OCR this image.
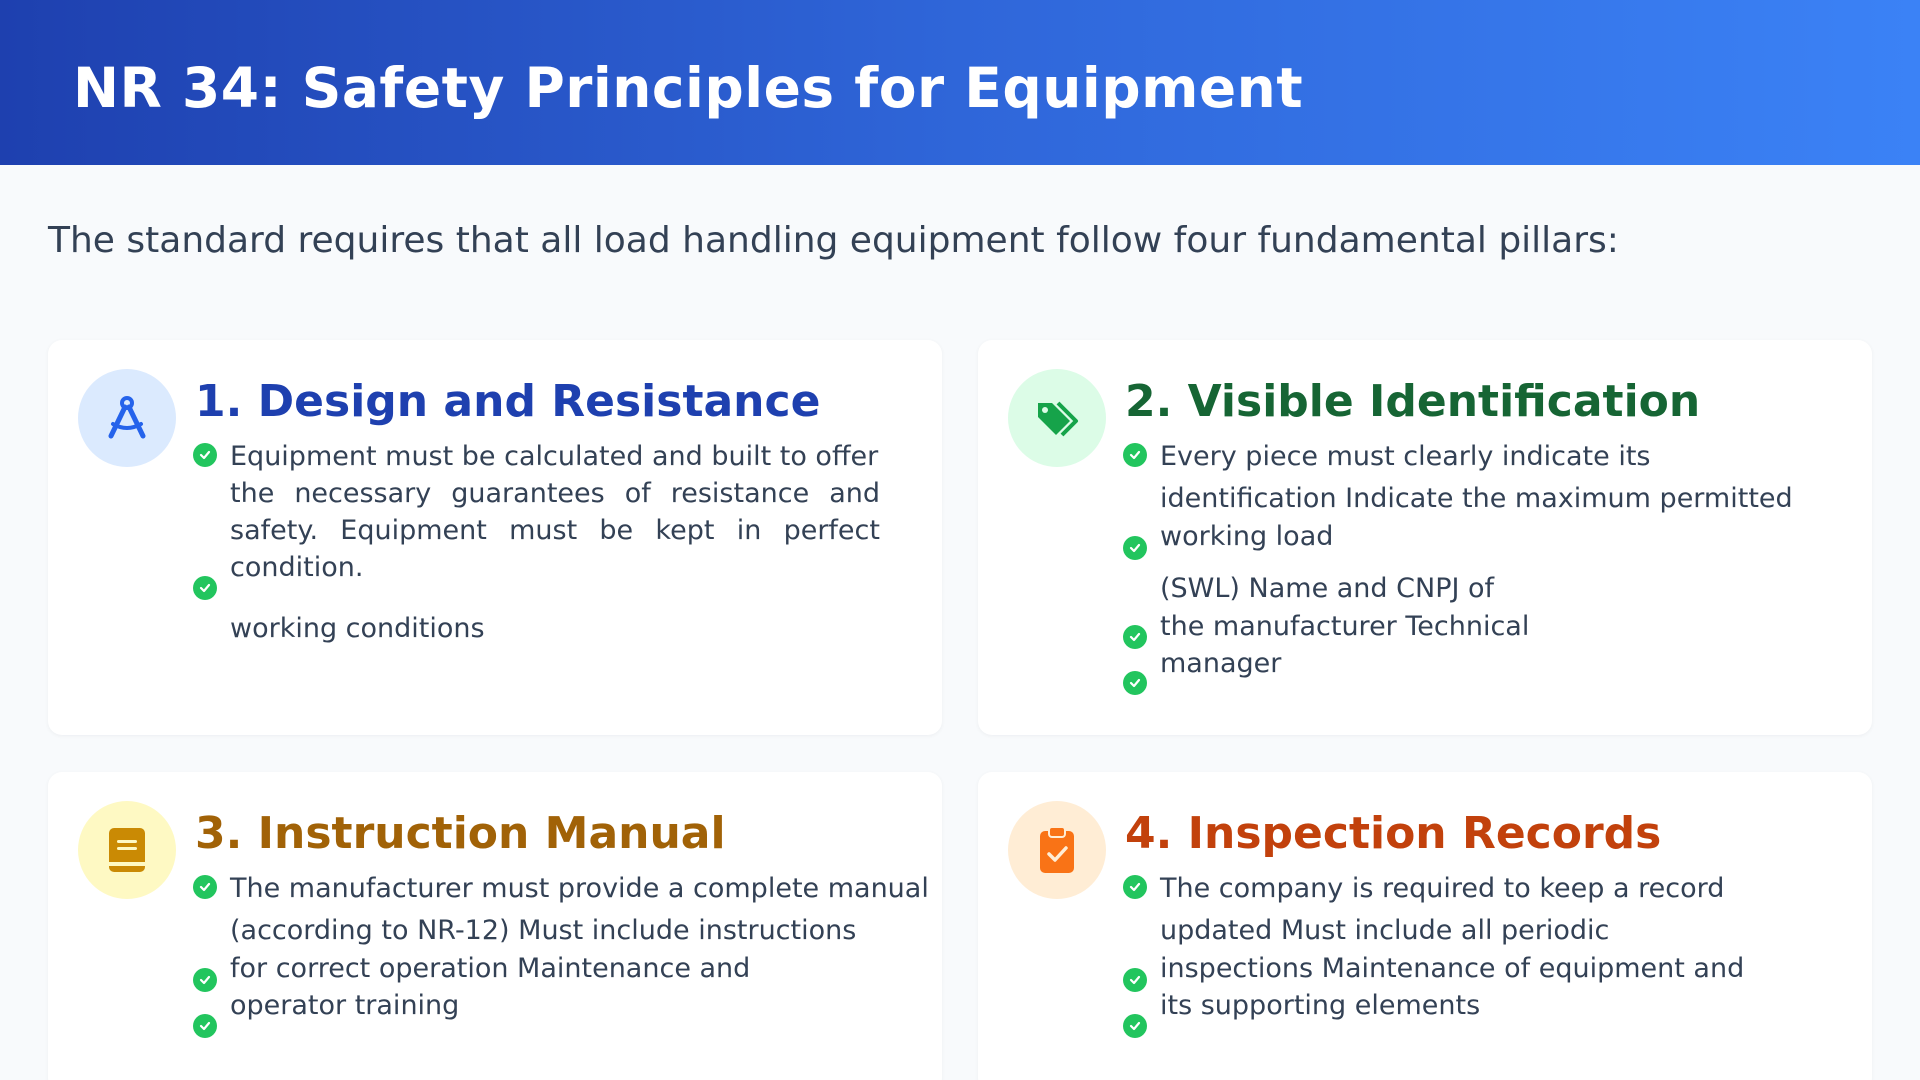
NR 34: Safety Principles for Equipment
The standard requires that all load handling equipment follow four fundamental pillars:
1. Design and Resistance
Equipment must be calculated and built to offer
the necessary guarantees of resistance and
safety. Equipment must be kept in perfect
condition.
working conditions
2. Visible Identification
Every piece must clearly indicate its
identification Indicate the maximum permitted
working load
(SWL) Name and CNPJ of
the manufacturer Technical
manager
3. Instruction Manual
The manufacturer must provide a complete manual
(according to NR-12) Must include instructions
for correct operation Maintenance and
operator training
4. Inspection Records
The company is required to keep a record
updated Must include all periodic
inspections Maintenance of equipment and
its supporting elements
